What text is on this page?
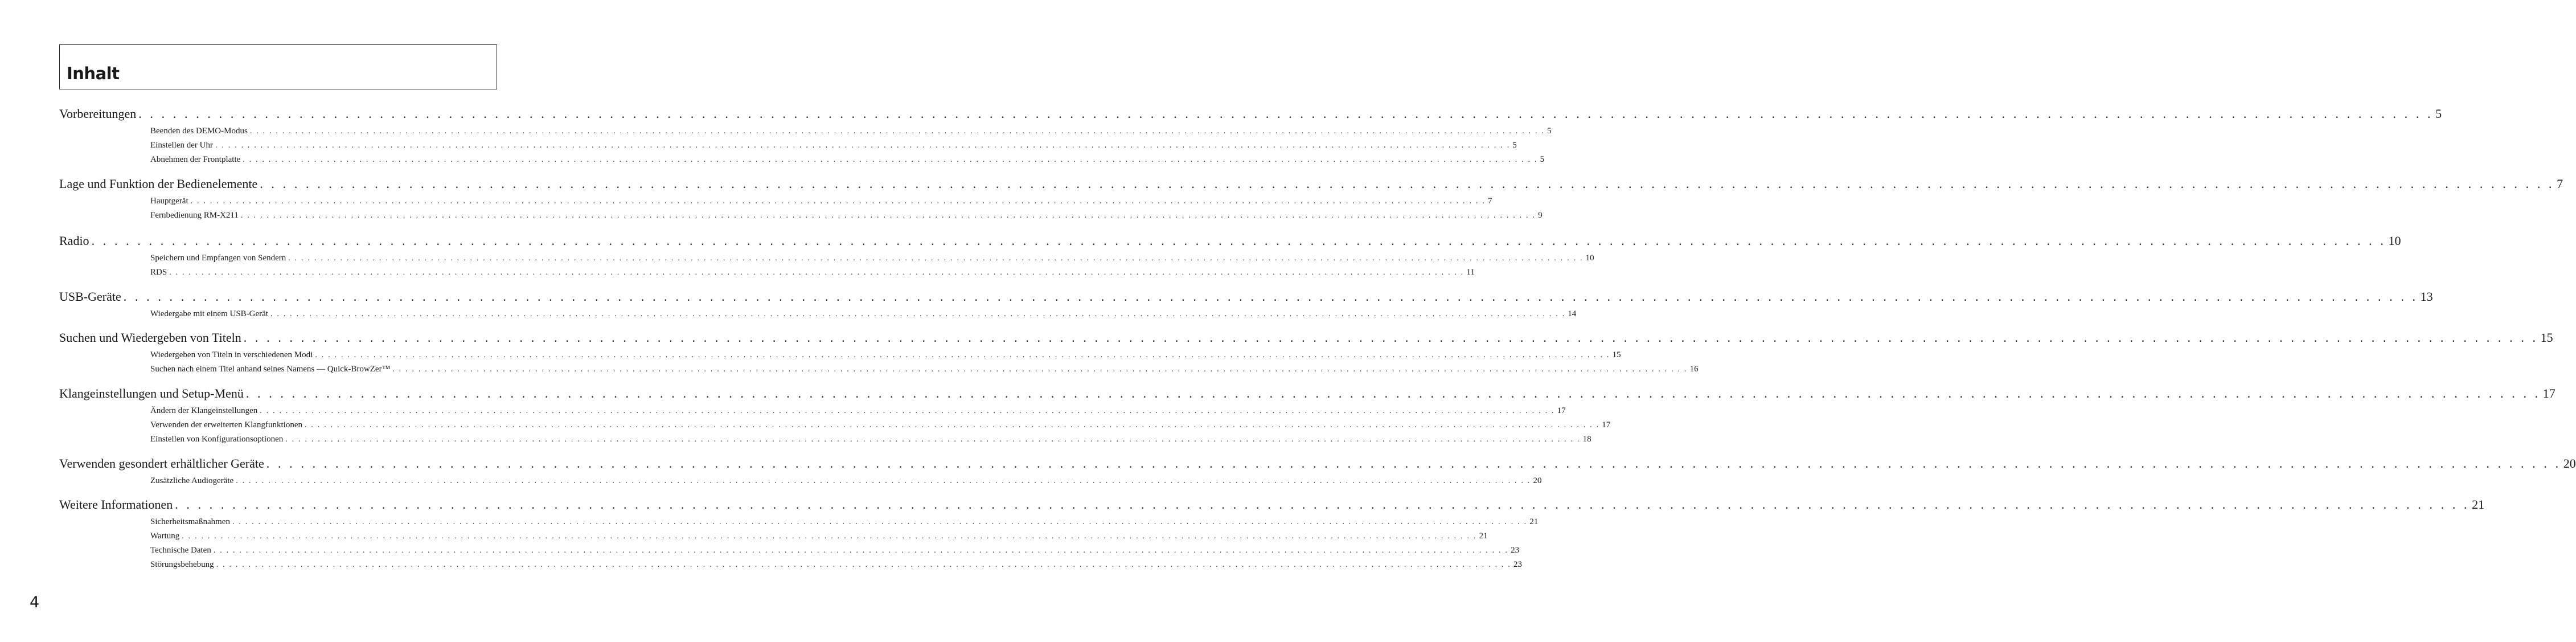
Inhalt
Vorbereitungen . . . . . . . . . . . . . . . . . . . . . . . . . . . . . . . . . . . . . . . . . . . . . . . . . . . . . . . . . . . . . . . . . . . . . . . . . . . . . . . . . . . . . . . . . . . . . . . . . . . . . . . . . . . . . . . . . . . . . . . . . . . . . . . . . . . . . . . . . . . . . . . . . . . . . . . . . . . . . . . . . . . . . . . . . . . . . . . . . . . . . . . . . . . . . . . . . . . . . . . . 5
Beenden des DEMO-Modus . . . . . . . . . . . . . . . . . . . . . . . . . . . . . . . . . . . . . . . . . . . . . . . . . . . . . . . . . . . . . . . . . . . . . . . . . . . . . . . . . . . . . . . . . . . . . . . . . . . . . . . . . . . . . . . . . . . . . . . . . . . . . . . . . . . . . . . . . . . . . . . . . . . . . . . . . . . . . . . . . . . . . . . . . . . . . . . . . . . . . . . . . . . . . . . . . . . . . . . . 5
Einstellen der Uhr . . . . . . . . . . . . . . . . . . . . . . . . . . . . . . . . . . . . . . . . . . . . . . . . . . . . . . . . . . . . . . . . . . . . . . . . . . . . . . . . . . . . . . . . . . . . . . . . . . . . . . . . . . . . . . . . . . . . . . . . . . . . . . . . . . . . . . . . . . . . . . . . . . . . . . . . . . . . . . . . . . . . . . . . . . . . . . . . . . . . . . . . . . . . . . . . . . . . . . . . 5
Abnehmen der Frontplatte . . . . . . . . . . . . . . . . . . . . . . . . . . . . . . . . . . . . . . . . . . . . . . . . . . . . . . . . . . . . . . . . . . . . . . . . . . . . . . . . . . . . . . . . . . . . . . . . . . . . . . . . . . . . . . . . . . . . . . . . . . . . . . . . . . . . . . . . . . . . . . . . . . . . . . . . . . . . . . . . . . . . . . . . . . . . . . . . . . . . . . . . . . . . . . . . . . . . . . . . 5
Lage und Funktion der Bedienelemente . . . . . . . . . . . . . . . . . . . . . . . . . . . . . . . . . . . . . . . . . . . . . . . . . . . . . . . . . . . . . . . . . . . . . . . . . . . . . . . . . . . . . . . . . . . . . . . . . . . . . . . . . . . . . . . . . . . . . . . . . . . . . . . . . . . . . . . . . . . . . . . . . . . . . . . . . . . . . . . . . . . . . . . . . . . . . . . . . . . . . . . . . . . . . . . . . . . . . . . . 7
Hauptgerät . . . . . . . . . . . . . . . . . . . . . . . . . . . . . . . . . . . . . . . . . . . . . . . . . . . . . . . . . . . . . . . . . . . . . . . . . . . . . . . . . . . . . . . . . . . . . . . . . . . . . . . . . . . . . . . . . . . . . . . . . . . . . . . . . . . . . . . . . . . . . . . . . . . . . . . . . . . . . . . . . . . . . . . . . . . . . . . . . . . . . . . . . . . . . . . . . . . . . . . . 7
Fernbedienung RM-X211 . . . . . . . . . . . . . . . . . . . . . . . . . . . . . . . . . . . . . . . . . . . . . . . . . . . . . . . . . . . . . . . . . . . . . . . . . . . . . . . . . . . . . . . . . . . . . . . . . . . . . . . . . . . . . . . . . . . . . . . . . . . . . . . . . . . . . . . . . . . . . . . . . . . . . . . . . . . . . . . . . . . . . . . . . . . . . . . . . . . . . . . . . . . . . . . . . . . . . . . . 9
Radio . . . . . . . . . . . . . . . . . . . . . . . . . . . . . . . . . . . . . . . . . . . . . . . . . . . . . . . . . . . . . . . . . . . . . . . . . . . . . . . . . . . . . . . . . . . . . . . . . . . . . . . . . . . . . . . . . . . . . . . . . . . . . . . . . . . . . . . . . . . . . . . . . . . . . . . . . . . . . . . . . . . . . . . . . . . . . . . . . . . . . . . . . . . . . . . . . . . . . . . . 10
Speichern und Empfangen von Sendern . . . . . . . . . . . . . . . . . . . . . . . . . . . . . . . . . . . . . . . . . . . . . . . . . . . . . . . . . . . . . . . . . . . . . . . . . . . . . . . . . . . . . . . . . . . . . . . . . . . . . . . . . . . . . . . . . . . . . . . . . . . . . . . . . . . . . . . . . . . . . . . . . . . . . . . . . . . . . . . . . . . . . . . . . . . . . . . . . . . . . . . . . . . . . . . . . . . . . . . . 10
RDS . . . . . . . . . . . . . . . . . . . . . . . . . . . . . . . . . . . . . . . . . . . . . . . . . . . . . . . . . . . . . . . . . . . . . . . . . . . . . . . . . . . . . . . . . . . . . . . . . . . . . . . . . . . . . . . . . . . . . . . . . . . . . . . . . . . . . . . . . . . . . . . . . . . . . . . . . . . . . . . . . . . . . . . . . . . . . . . . . . . . . . . . . . . . . . . . . . . . . . . . 11
USB-Geräte . . . . . . . . . . . . . . . . . . . . . . . . . . . . . . . . . . . . . . . . . . . . . . . . . . . . . . . . . . . . . . . . . . . . . . . . . . . . . . . . . . . . . . . . . . . . . . . . . . . . . . . . . . . . . . . . . . . . . . . . . . . . . . . . . . . . . . . . . . . . . . . . . . . . . . . . . . . . . . . . . . . . . . . . . . . . . . . . . . . . . . . . . . . . . . . . . . . . . . . . 13
Wiedergabe mit einem USB-Gerät . . . . . . . . . . . . . . . . . . . . . . . . . . . . . . . . . . . . . . . . . . . . . . . . . . . . . . . . . . . . . . . . . . . . . . . . . . . . . . . . . . . . . . . . . . . . . . . . . . . . . . . . . . . . . . . . . . . . . . . . . . . . . . . . . . . . . . . . . . . . . . . . . . . . . . . . . . . . . . . . . . . . . . . . . . . . . . . . . . . . . . . . . . . . . . . . . . . . . . . . 14
Suchen und Wiedergeben von Titeln . . . . . . . . . . . . . . . . . . . . . . . . . . . . . . . . . . . . . . . . . . . . . . . . . . . . . . . . . . . . . . . . . . . . . . . . . . . . . . . . . . . . . . . . . . . . . . . . . . . . . . . . . . . . . . . . . . . . . . . . . . . . . . . . . . . . . . . . . . . . . . . . . . . . . . . . . . . . . . . . . . . . . . . . . . . . . . . . . . . . . . . . . . . . . . . . . . . . . . . . 15
Wiedergeben von Titeln in verschiedenen Modi . . . . . . . . . . . . . . . . . . . . . . . . . . . . . . . . . . . . . . . . . . . . . . . . . . . . . . . . . . . . . . . . . . . . . . . . . . . . . . . . . . . . . . . . . . . . . . . . . . . . . . . . . . . . . . . . . . . . . . . . . . . . . . . . . . . . . . . . . . . . . . . . . . . . . . . . . . . . . . . . . . . . . . . . . . . . . . . . . . . . . . . . . . . . . . . . . . . . . . . . 15
Suchen nach einem Titel anhand seines Namens — Quick-BrowZer™ . . . . . . . . . . . . . . . . . . . . . . . . . . . . . . . . . . . . . . . . . . . . . . . . . . . . . . . . . . . . . . . . . . . . . . . . . . . . . . . . . . . . . . . . . . . . . . . . . . . . . . . . . . . . . . . . . . . . . . . . . . . . . . . . . . . . . . . . . . . . . . . . . . . . . . . . . . . . . . . . . . . . . . . . . . . . . . . . . . . . . . . . . . . . . . . . . . . . . . . . 16
Klangeinstellungen und Setup-Menü . . . . . . . . . . . . . . . . . . . . . . . . . . . . . . . . . . . . . . . . . . . . . . . . . . . . . . . . . . . . . . . . . . . . . . . . . . . . . . . . . . . . . . . . . . . . . . . . . . . . . . . . . . . . . . . . . . . . . . . . . . . . . . . . . . . . . . . . . . . . . . . . . . . . . . . . . . . . . . . . . . . . . . . . . . . . . . . . . . . . . . . . . . . . . . . . . . . . . . . . 17
Ändern der Klangeinstellungen . . . . . . . . . . . . . . . . . . . . . . . . . . . . . . . . . . . . . . . . . . . . . . . . . . . . . . . . . . . . . . . . . . . . . . . . . . . . . . . . . . . . . . . . . . . . . . . . . . . . . . . . . . . . . . . . . . . . . . . . . . . . . . . . . . . . . . . . . . . . . . . . . . . . . . . . . . . . . . . . . . . . . . . . . . . . . . . . . . . . . . . . . . . . . . . . . . . . . . . . 17
Verwenden der erweiterten Klangfunktionen . . . . . . . . . . . . . . . . . . . . . . . . . . . . . . . . . . . . . . . . . . . . . . . . . . . . . . . . . . . . . . . . . . . . . . . . . . . . . . . . . . . . . . . . . . . . . . . . . . . . . . . . . . . . . . . . . . . . . . . . . . . . . . . . . . . . . . . . . . . . . . . . . . . . . . . . . . . . . . . . . . . . . . . . . . . . . . . . . . . . . . . . . . . . . . . . . . . . . . . . 17
Einstellen von Konfigurationsoptionen . . . . . . . . . . . . . . . . . . . . . . . . . . . . . . . . . . . . . . . . . . . . . . . . . . . . . . . . . . . . . . . . . . . . . . . . . . . . . . . . . . . . . . . . . . . . . . . . . . . . . . . . . . . . . . . . . . . . . . . . . . . . . . . . . . . . . . . . . . . . . . . . . . . . . . . . . . . . . . . . . . . . . . . . . . . . . . . . . . . . . . . . . . . . . . . . . . . . . . . . 18
Verwenden gesondert erhältlicher Geräte . . . . . . . . . . . . . . . . . . . . . . . . . . . . . . . . . . . . . . . . . . . . . . . . . . . . . . . . . . . . . . . . . . . . . . . . . . . . . . . . . . . . . . . . . . . . . . . . . . . . . . . . . . . . . . . . . . . . . . . . . . . . . . . . . . . . . . . . . . . . . . . . . . . . . . . . . . . . . . . . . . . . . . . . . . . . . . . . . . . . . . . . . . . . . . . . . . . . . . . . 20
Zusätzliche Audiogeräte . . . . . . . . . . . . . . . . . . . . . . . . . . . . . . . . . . . . . . . . . . . . . . . . . . . . . . . . . . . . . . . . . . . . . . . . . . . . . . . . . . . . . . . . . . . . . . . . . . . . . . . . . . . . . . . . . . . . . . . . . . . . . . . . . . . . . . . . . . . . . . . . . . . . . . . . . . . . . . . . . . . . . . . . . . . . . . . . . . . . . . . . . . . . . . . . . . . . . . . . 20
Weitere Informationen . . . . . . . . . . . . . . . . . . . . . . . . . . . . . . . . . . . . . . . . . . . . . . . . . . . . . . . . . . . . . . . . . . . . . . . . . . . . . . . . . . . . . . . . . . . . . . . . . . . . . . . . . . . . . . . . . . . . . . . . . . . . . . . . . . . . . . . . . . . . . . . . . . . . . . . . . . . . . . . . . . . . . . . . . . . . . . . . . . . . . . . . . . . . . . . . . . . . . . . . 21
Sicherheitsmaßnahmen . . . . . . . . . . . . . . . . . . . . . . . . . . . . . . . . . . . . . . . . . . . . . . . . . . . . . . . . . . . . . . . . . . . . . . . . . . . . . . . . . . . . . . . . . . . . . . . . . . . . . . . . . . . . . . . . . . . . . . . . . . . . . . . . . . . . . . . . . . . . . . . . . . . . . . . . . . . . . . . . . . . . . . . . . . . . . . . . . . . . . . . . . . . . . . . . . . . . . . . . 21
Wartung . . . . . . . . . . . . . . . . . . . . . . . . . . . . . . . . . . . . . . . . . . . . . . . . . . . . . . . . . . . . . . . . . . . . . . . . . . . . . . . . . . . . . . . . . . . . . . . . . . . . . . . . . . . . . . . . . . . . . . . . . . . . . . . . . . . . . . . . . . . . . . . . . . . . . . . . . . . . . . . . . . . . . . . . . . . . . . . . . . . . . . . . . . . . . . . . . . . . . . . . 21
Technische Daten . . . . . . . . . . . . . . . . . . . . . . . . . . . . . . . . . . . . . . . . . . . . . . . . . . . . . . . . . . . . . . . . . . . . . . . . . . . . . . . . . . . . . . . . . . . . . . . . . . . . . . . . . . . . . . . . . . . . . . . . . . . . . . . . . . . . . . . . . . . . . . . . . . . . . . . . . . . . . . . . . . . . . . . . . . . . . . . . . . . . . . . . . . . . . . . . . . . . . . . . 23
Störungsbehebung . . . . . . . . . . . . . . . . . . . . . . . . . . . . . . . . . . . . . . . . . . . . . . . . . . . . . . . . . . . . . . . . . . . . . . . . . . . . . . . . . . . . . . . . . . . . . . . . . . . . . . . . . . . . . . . . . . . . . . . . . . . . . . . . . . . . . . . . . . . . . . . . . . . . . . . . . . . . . . . . . . . . . . . . . . . . . . . . . . . . . . . . . . . . . . . . . . . . . . . . 23
4
